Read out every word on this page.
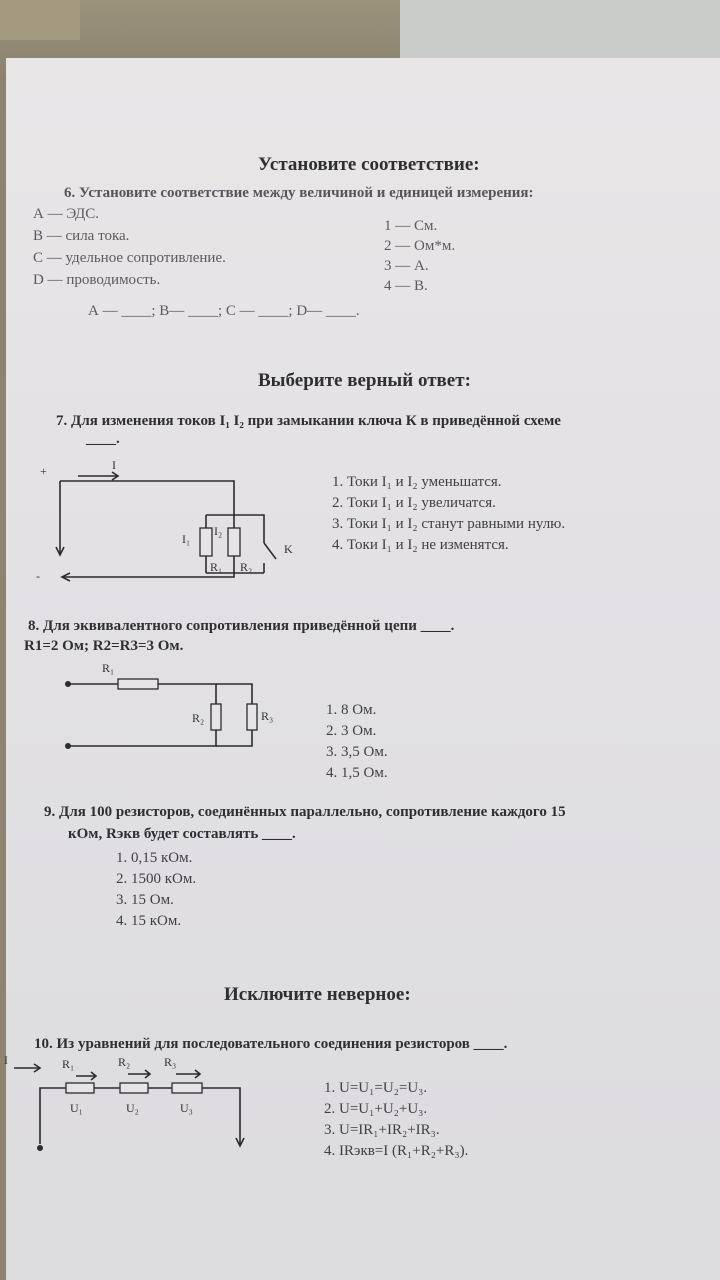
Установите соответствие:
6. Установите соответствие между величиной и единицей измерения:
А — ЭДС.
В — сила тока.
С — удельное сопротивление.
D — проводимость.
1 — См.
2 — Ом*м.
3 — А.
4 — В.
А — ____; В— ____; С — ____; D— ____.
Выберите верный ответ:
7. Для изменения токов I₁ I₂ при замыкании ключа К в приведённой схеме
____.
+
-
I
I₁
I₂
R₁ R₂
K
1. Токи I₁ и I₂ уменьшатся.
2. Токи I₁ и I₂ увеличатся.
3. Токи I₁ и I₂ станут равными нулю.
4. Токи I₁ и I₂ не изменятся.
8. Для эквивалентного сопротивления приведённой цепи ____.
R1=2 Ом; R2=R3=3 Ом.
R₁
R₂	R₃	1. 8 Ом.
2. 3 Ом.
3. 3,5 Ом.
4. 1,5 Ом.
9. Для 100 резисторов, соединённых параллельно, сопротивление каждого 15
кОм, Rэкв будет составлять ____.
1. 0,15 кОм.
2. 1500 кОм.
3. 15 Ом.
4. 15 кОм.
Исключите неверное:
10. Из уравнений для последовательного соединения резисторов ____.
I	R₁	R₂	R₃
U₁	U₂	U₃
1. U=U₁=U₂=U₃.
2. U=U₁+U₂+U₃.
3. U=IR₁+IR₂+IR₃.
4. IRэкв=I (R₁+R₂+R₃).
